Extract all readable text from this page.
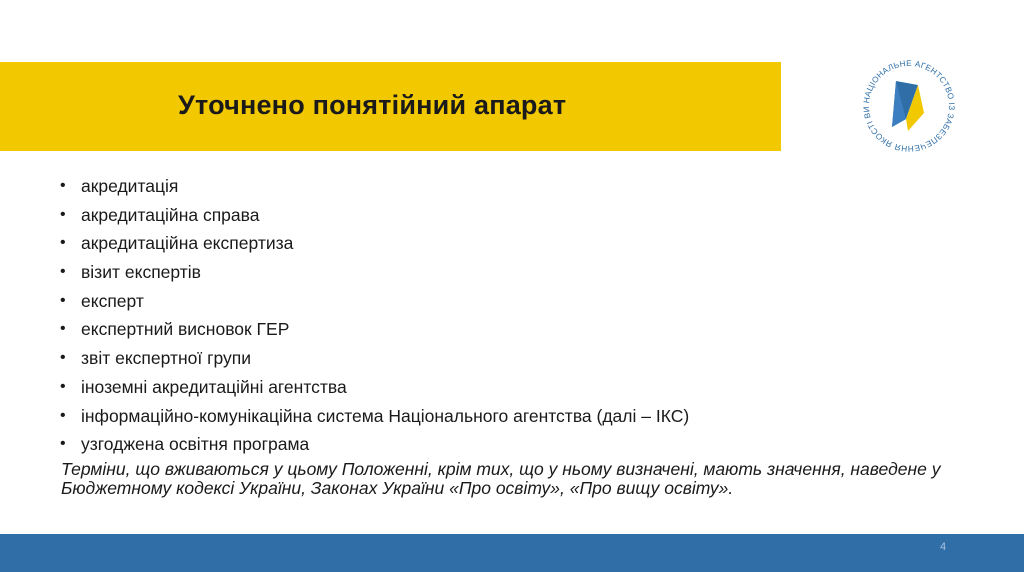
Уточнено понятійний апарат	НАЦІОНАЛЬНЕ АГЕНТСТВО ІЗ ЗАБЕЗПЕЧЕННЯ ЯКОСТІ ВИ
• акредитація
• акредитаційна справа
• акредитаційна експертиза
• візит експертів
• експерт
• експертний висновок ГЕР
• звіт експертної групи
• іноземні акредитаційні агентства
• інформаційно-комунікаційна система Національного агентства (далі – ІКС)
• узгоджена освітня програма

Терміни, що вживаються у цьому Положенні, крім тих, що у ньому визначені, мають значення, наведене у Бюджетному кодексі України, Законах України «Про освіту», «Про вищу освіту».

4
